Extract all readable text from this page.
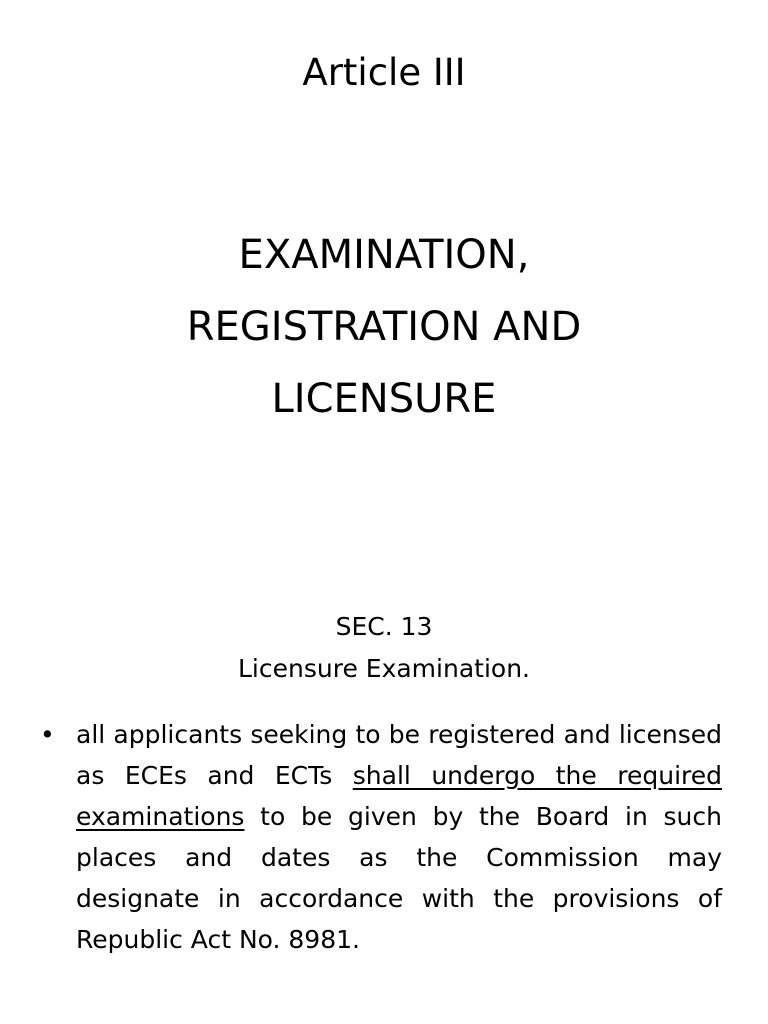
Article III
EXAMINATION,
REGISTRATION AND
LICENSURE
SEC. 13
Licensure Examination.
• all applicants seeking to be registered and licensed as ECEs and ECTs shall undergo the required examinations to be given by the Board in such places and dates as the Commission may designate in accordance with the provisions of Republic Act No. 8981.
